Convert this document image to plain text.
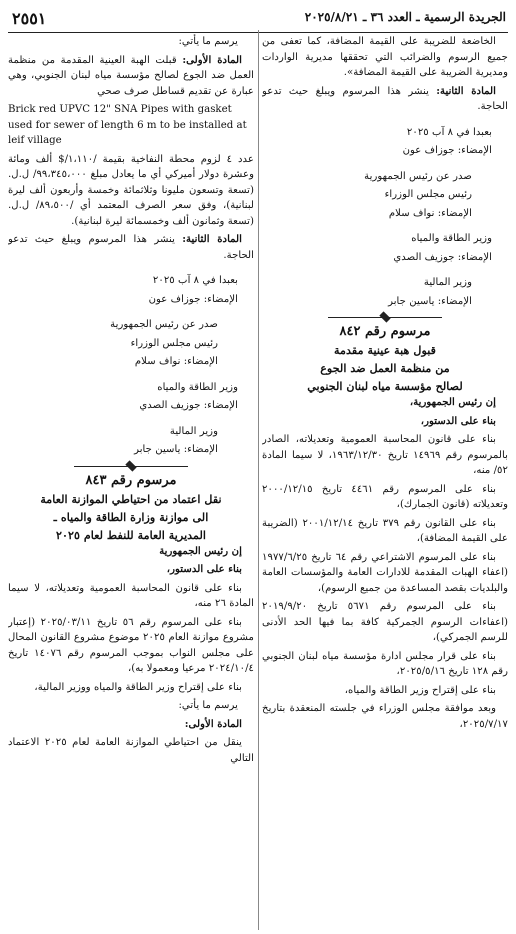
الجريدة الرسمية ـ العدد ٣٦ ـ ٢٠٢٥/٨/٢١
٢٥٥١

الخاضعة للضريبة على القيمة المضافة، كما تعفى من جميع الرسوم والضرائب التي تحققها مديرية الواردات ومديرية الضريبة على القيمة المضافة».

المادة الثانية: ينشر هذا المرسوم ويبلغ حيث تدعو الحاجة.

بعبدا في ٨ آب ٢٠٢٥

الإمضاء: جوزاف عون

صدر عن رئيس الجمهورية

رئيس مجلس الوزراء

الإمضاء: نواف سلام

وزير الطاقة والمياه

الإمضاء: جوزيف الصدي

وزير المالية

الإمضاء: ياسين جابر

مرسوم رقم ٨٤٢
قبول هبة عينية مقدمة
من منظمة العمل ضد الجوع
لصالح مؤسسة مياه لبنان الجنوبي

إن رئيس الجمهورية،

بناء على الدستور،

بناء على قانون المحاسبة العمومية وتعديلاته، الصادر بالمرسوم رقم ١٤٩٦٩ تاريخ ١٩٦٣/١٢/٣٠، لا سيما المادة ٥٢/ منه،

بناء على المرسوم رقم ٤٤٦١ تاريخ ٢٠٠٠/١٢/١٥ وتعديلاته (قانون الجمارك)،

بناء على القانون رقم ٣٧٩ تاريخ ٢٠٠١/١٢/١٤ (الضريبة على القيمة المضافة)،

بناء على المرسوم الاشتراعي رقم ٦٤ تاريخ ١٩٧٧/٦/٢٥ (اعفاء الهبات المقدمة للادارات العامة والمؤسسات العامة والبلديات بقصد المساعدة من جميع الرسوم)،

بناء على المرسوم رقم ٥٦٧١ تاريخ ٢٠١٩/٩/٢٠ (اعفاءات الرسوم الجمركية كافة بما فيها الحد الأدنى للرسم الجمركي)،

بناء على قرار مجلس ادارة مؤسسة مياه لبنان الجنوبي رقم ١٢٨ تاريخ ٢٠٢٥/٥/١٦،

بناء على إقتراح وزير الطاقة والمياه،

وبعد موافقة مجلس الوزراء في جلسته المنعقدة بتاريخ ٢٠٢٥/٧/١٧،

يرسم ما يأتي:

المادة الأولى: قبلت الهبة العينية المقدمة من منظمة العمل ضد الجوع لصالح مؤسسة مياه لبنان الجنوبي، وهي عبارة عن تقديم قساطل صرف صحي

Brick red UPVC 12" SNA Pipes with gasket used for sewer of length 6 m to be installed at leif village

عدد ٤ لزوم محطة النفاخية بقيمة /١،١١٠/$ ألف ومائة وعشرة دولار أميركي أي ما يعادل مبلغ ٩٩،٣٤٥،٠٠٠/ ل.ل. (تسعة وتسعون مليونا وثلاثمائة وخمسة وأربعون ألف ليرة لبنانية)، وفق سعر الصرف المعتمد أي /٨٩،٥٠٠/ ل.ل. (تسعة وثمانون ألف وخمسمائة ليرة لبنانية).

المادة الثانية: ينشر هذا المرسوم ويبلغ حيث تدعو الحاجة.

بعبدا في ٨ آب ٢٠٢٥

الإمضاء: جوزاف عون

صدر عن رئيس الجمهورية

رئيس مجلس الوزراء

الإمضاء: نواف سلام

وزير الطاقة والمياه

الإمضاء: جوزيف الصدي

وزير المالية

الإمضاء: ياسين جابر

مرسوم رقم ٨٤٣
نقل اعتماد من احتياطي الموازنة العامة
الى موازنة وزارة الطاقة والمياه ـ
المديرية العامة للنفط لعام ٢٠٢٥

إن رئيس الجمهورية

بناء على الدستور،

بناء على قانون المحاسبة العمومية وتعديلاته، لا سيما المادة ٢٦ منه،

بناء على المرسوم رقم ٥٦ تاريخ ٢٠٢٥/٠٣/١١ (إعتبار مشروع موازنة العام ٢٠٢٥ موضوع مشروع القانون المحال على مجلس النواب بموجب المرسوم رقم ١٤٠٧٦ تاريخ ٢٠٢٤/١٠/٤ مرعيا ومعمولا به)،

بناء على إقتراح وزير الطاقة والمياه ووزير المالية،

يرسم ما يأتي:

المادة الأولى:

ينقل من احتياطي الموازنة العامة لعام ٢٠٢٥ الاعتماد التالي
